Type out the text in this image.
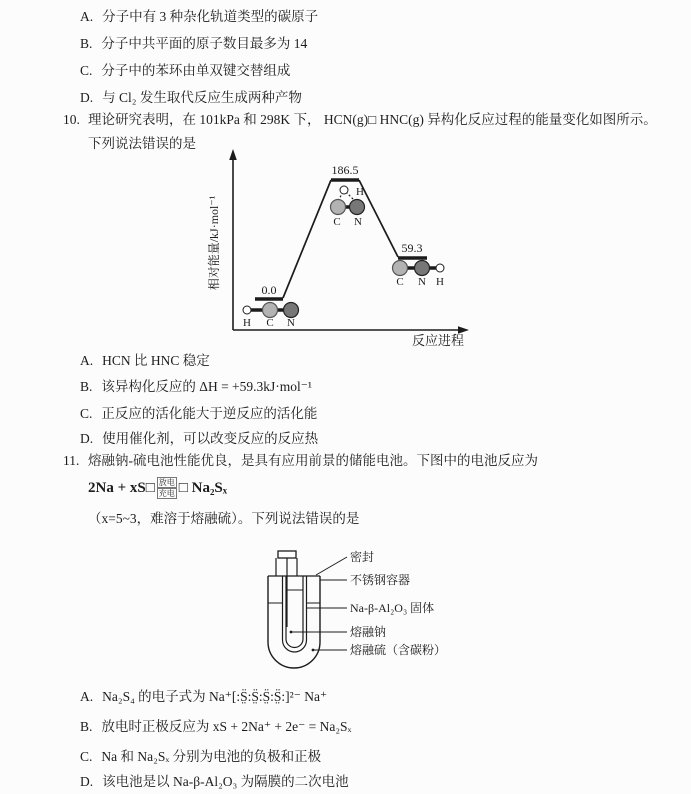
A. 分子中有 3 种杂化轨道类型的碳原子
B. 分子中共平面的原子数目最多为 14
C. 分子中的苯环由单双键交替组成
D. 与 Cl₂ 发生取代反应生成两种产物
10. 理论研究表明，在 101kPa 和 298K 下， HCN(g)□ HNC(g) 异构化反应过程的能量变化如图所示。
下列说法错误的是
相对能量/kJ·mol⁻¹
反应进程
0.0
186.5
59.3
H C N
H
C N
C N H
A. HCN 比 HNC 稳定
B. 该异构化反应的 ΔH = +59.3kJ·mol⁻¹
C. 正反应的活化能大于逆反应的活化能
D. 使用催化剂，可以改变反应的反应热
11. 熔融钠-硫电池性能优良，是具有应用前景的储能电池。下图中的电池反应为
2Na + xS□ 放电
充电 □ Na₂Sₓ
（x=5~3，难溶于熔融硫）。下列说法错误的是
密封
不锈钢容器
Na-β-Al₂O₃ 固体
熔融钠
熔融硫（含碳粉）
A. Na₂S₄ 的电子式为 Na⁺[:S̤̈:S̤̈:S̤̈:S̤̈:]²⁻ Na⁺
B. 放电时正极反应为 xS + 2Na⁺ + 2e⁻ = Na₂Sₓ
C. Na 和 Na₂Sₓ 分别为电池的负极和正极
D. 该电池是以 Na-β-Al₂O₃ 为隔膜的二次电池
